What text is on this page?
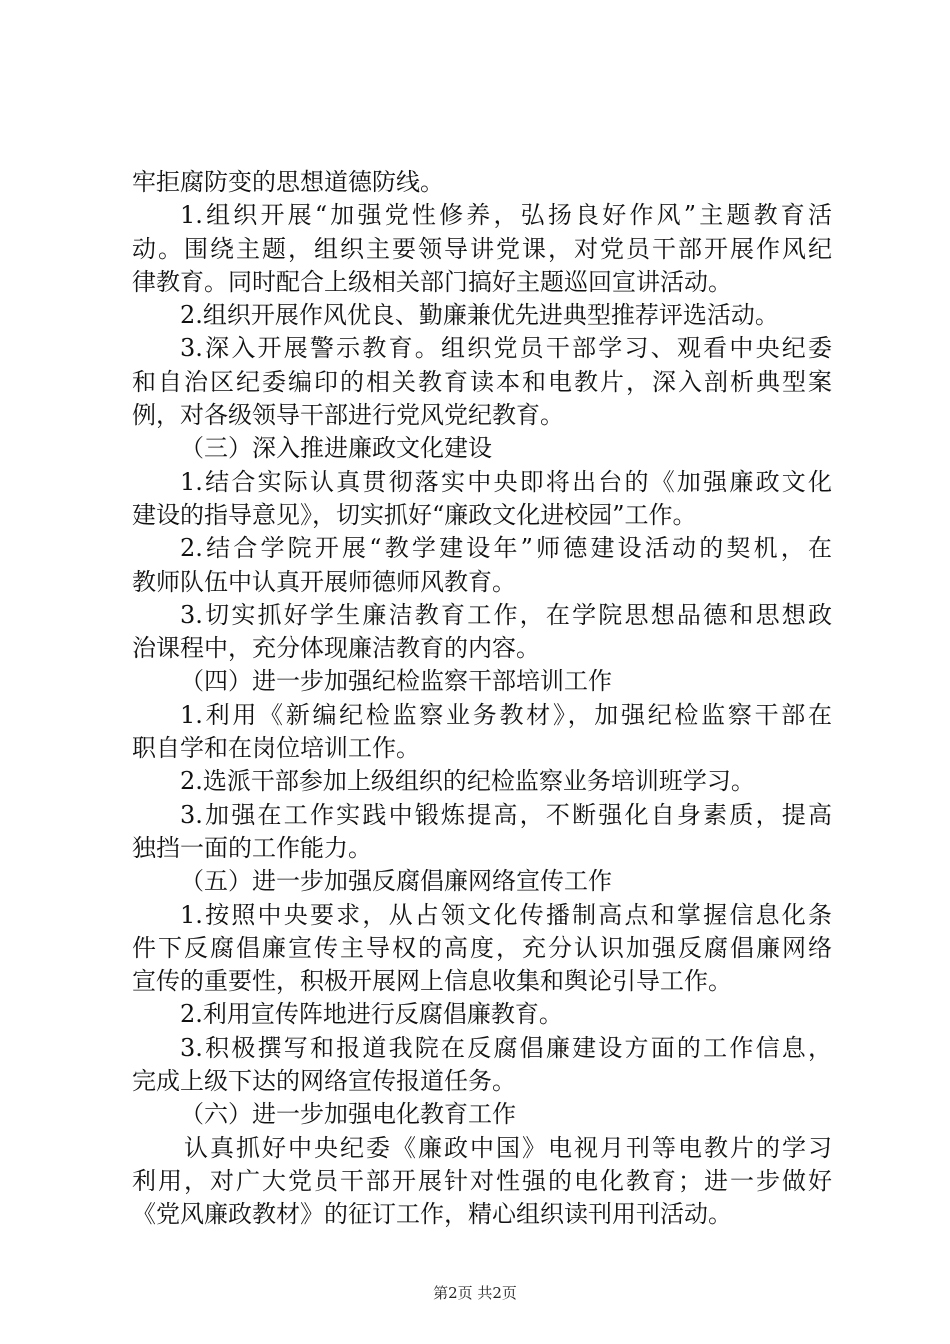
牢拒腐防变的思想道德防线。
1.组织开展“加强党性修养，弘扬良好作风”主题教育活
动。围绕主题，组织主要领导讲党课，对党员干部开展作风纪
律教育。同时配合上级相关部门搞好主题巡回宣讲活动。
2.组织开展作风优良、勤廉兼优先进典型推荐评选活动。
3.深入开展警示教育。组织党员干部学习、观看中央纪委
和自治区纪委编印的相关教育读本和电教片，深入剖析典型案
例，对各级领导干部进行党风党纪教育。
（三）深入推进廉政文化建设
1.结合实际认真贯彻落实中央即将出台的《加强廉政文化
建设的指导意见》，切实抓好“廉政文化进校园”工作。
2.结合学院开展“教学建设年”师德建设活动的契机，在
教师队伍中认真开展师德师风教育。
3.切实抓好学生廉洁教育工作，在学院思想品德和思想政
治课程中，充分体现廉洁教育的内容。
（四）进一步加强纪检监察干部培训工作
1.利用《新编纪检监察业务教材》，加强纪检监察干部在
职自学和在岗位培训工作。
2.选派干部参加上级组织的纪检监察业务培训班学习。
3.加强在工作实践中锻炼提高，不断强化自身素质，提高
独挡一面的工作能力。
（五）进一步加强反腐倡廉网络宣传工作
1.按照中央要求，从占领文化传播制高点和掌握信息化条
件下反腐倡廉宣传主导权的高度，充分认识加强反腐倡廉网络
宣传的重要性，积极开展网上信息收集和舆论引导工作。
2.利用宣传阵地进行反腐倡廉教育。
3.积极撰写和报道我院在反腐倡廉建设方面的工作信息，
完成上级下达的网络宣传报道任务。
（六）进一步加强电化教育工作
认真抓好中央纪委《廉政中国》电视月刊等电教片的学习
利用，对广大党员干部开展针对性强的电化教育；进一步做好
《党风廉政教材》的征订工作，精心组织读刊用刊活动。
第2页 共2页
